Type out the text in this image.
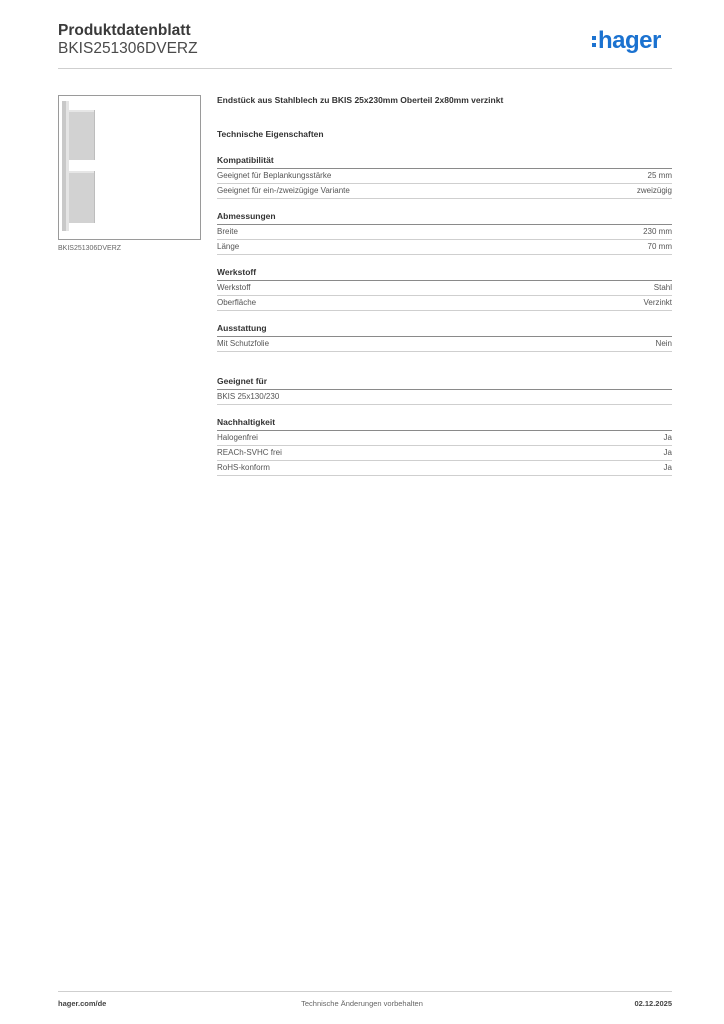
Produktdatenblatt
BKIS251306DVERZ	hager
BKIS251306DVERZ
Endstück aus Stahlblech zu BKIS 25x230mm Oberteil 2x80mm verzinkt
Technische Eigenschaften
Kompatibilität
Geeignet für Beplankungsstärke	25 mm
Geeignet für ein-/zweizügige Variante	zweizügig
Abmessungen
Breite	230 mm
Länge	70 mm
Werkstoff
Werkstoff	Stahl
Oberfläche	Verzinkt
Ausstattung
Mit Schutzfolie	Nein
Geeignet für
BKIS 25x130/230
Nachhaltigkeit
Halogenfrei	Ja
REACh-SVHC frei	Ja
RoHS-konform	Ja
hager.com/de	Technische Änderungen vorbehalten	02.12.2025
